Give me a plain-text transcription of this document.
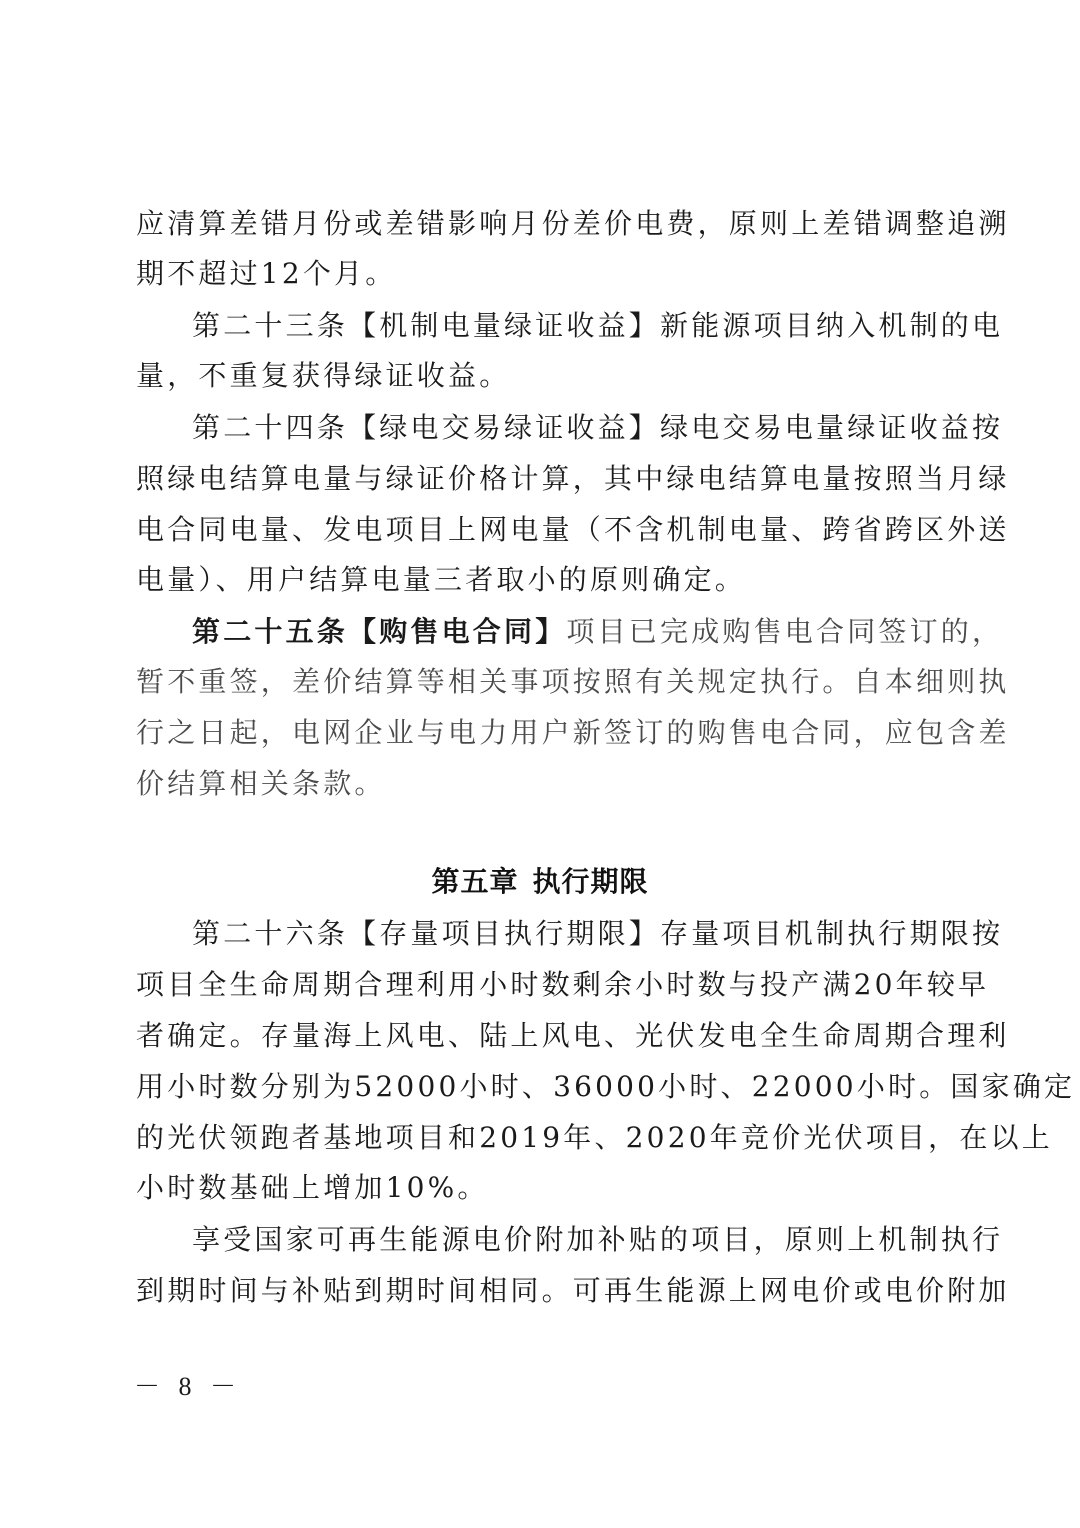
应清算差错月份或差错影响月份差价电费，原则上差错调整追溯
期不超过12个月。
第二十三条【机制电量绿证收益】新能源项目纳入机制的电
量，不重复获得绿证收益。
第二十四条【绿电交易绿证收益】绿电交易电量绿证收益按
照绿电结算电量与绿证价格计算，其中绿电结算电量按照当月绿
电合同电量、发电项目上网电量（不含机制电量、跨省跨区外送
电量）、用户结算电量三者取小的原则确定。
第二十五条【购售电合同】项目已完成购售电合同签订的，
暂不重签，差价结算等相关事项按照有关规定执行。自本细则执
行之日起，电网企业与电力用户新签订的购售电合同，应包含差
价结算相关条款。
第五章 执行期限
第二十六条【存量项目执行期限】存量项目机制执行期限按
项目全生命周期合理利用小时数剩余小时数与投产满20年较早
者确定。存量海上风电、陆上风电、光伏发电全生命周期合理利
用小时数分别为52000小时、36000小时、22000小时。国家确定
的光伏领跑者基地项目和2019年、2020年竞价光伏项目，在以上
小时数基础上增加10%。
享受国家可再生能源电价附加补贴的项目，原则上机制执行
到期时间与补贴到期时间相同。可再生能源上网电价或电价附加
－ 8 －
